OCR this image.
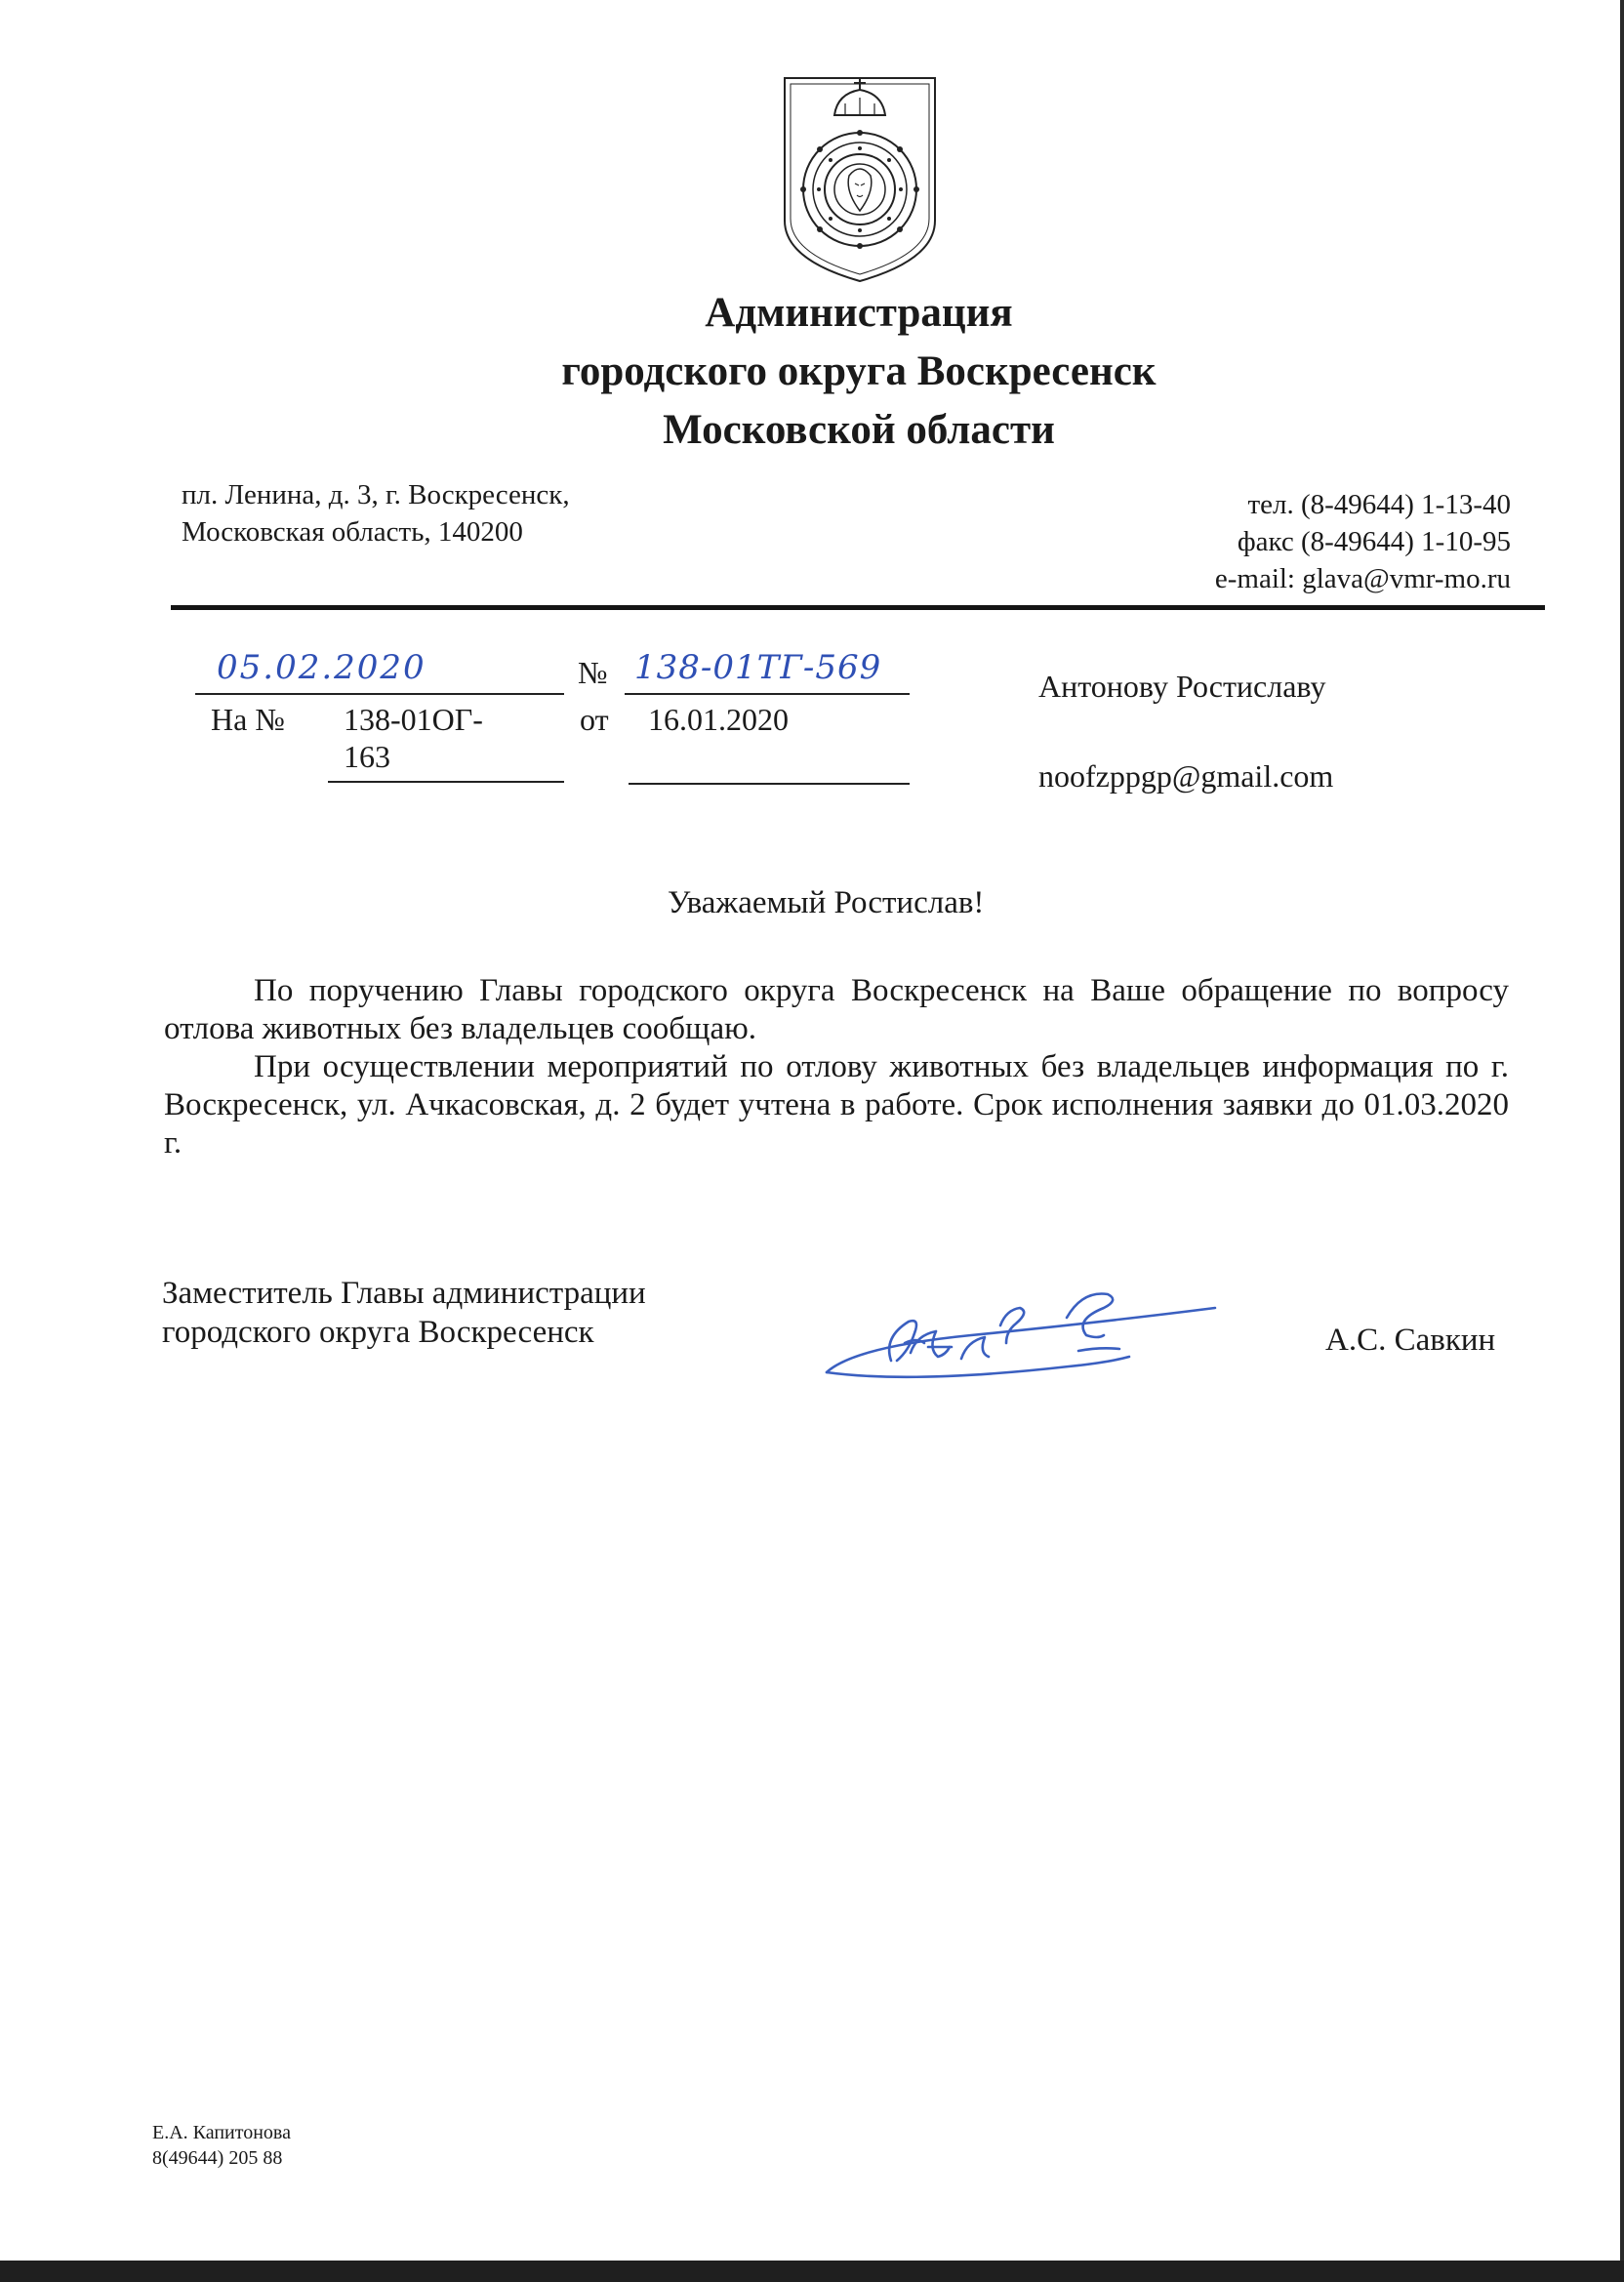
Администрация
городского округа Воскресенск
Московской области
пл. Ленина, д. 3, г. Воскресенск,
Московская область, 140200
тел. (8-49644) 1-13-40
факс (8-49644) 1-10-95
e-mail: glava@vmr-mo.ru
05.02.2020	№ 138-01ТГ-569
На № 138-01ОГ-
163
от 16.01.2020
Антонову Ростиславу
noofzppgp@gmail.com
Уважаемый Ростислав!

По поручению Главы городского округа Воскресенск на Ваше обращение по вопросу отлова животных без владельцев сообщаю.

При осуществлении мероприятий по отлову животных без владельцев информация по г. Воскресенск, ул. Ачкасовская, д. 2 будет учтена в работе. Срок исполнения заявки до 01.03.2020 г.

Заместитель Главы администрации
городского округа Воскресенск	А.С. Савкин
Е.А. Капитонова
8(49644) 205 88
